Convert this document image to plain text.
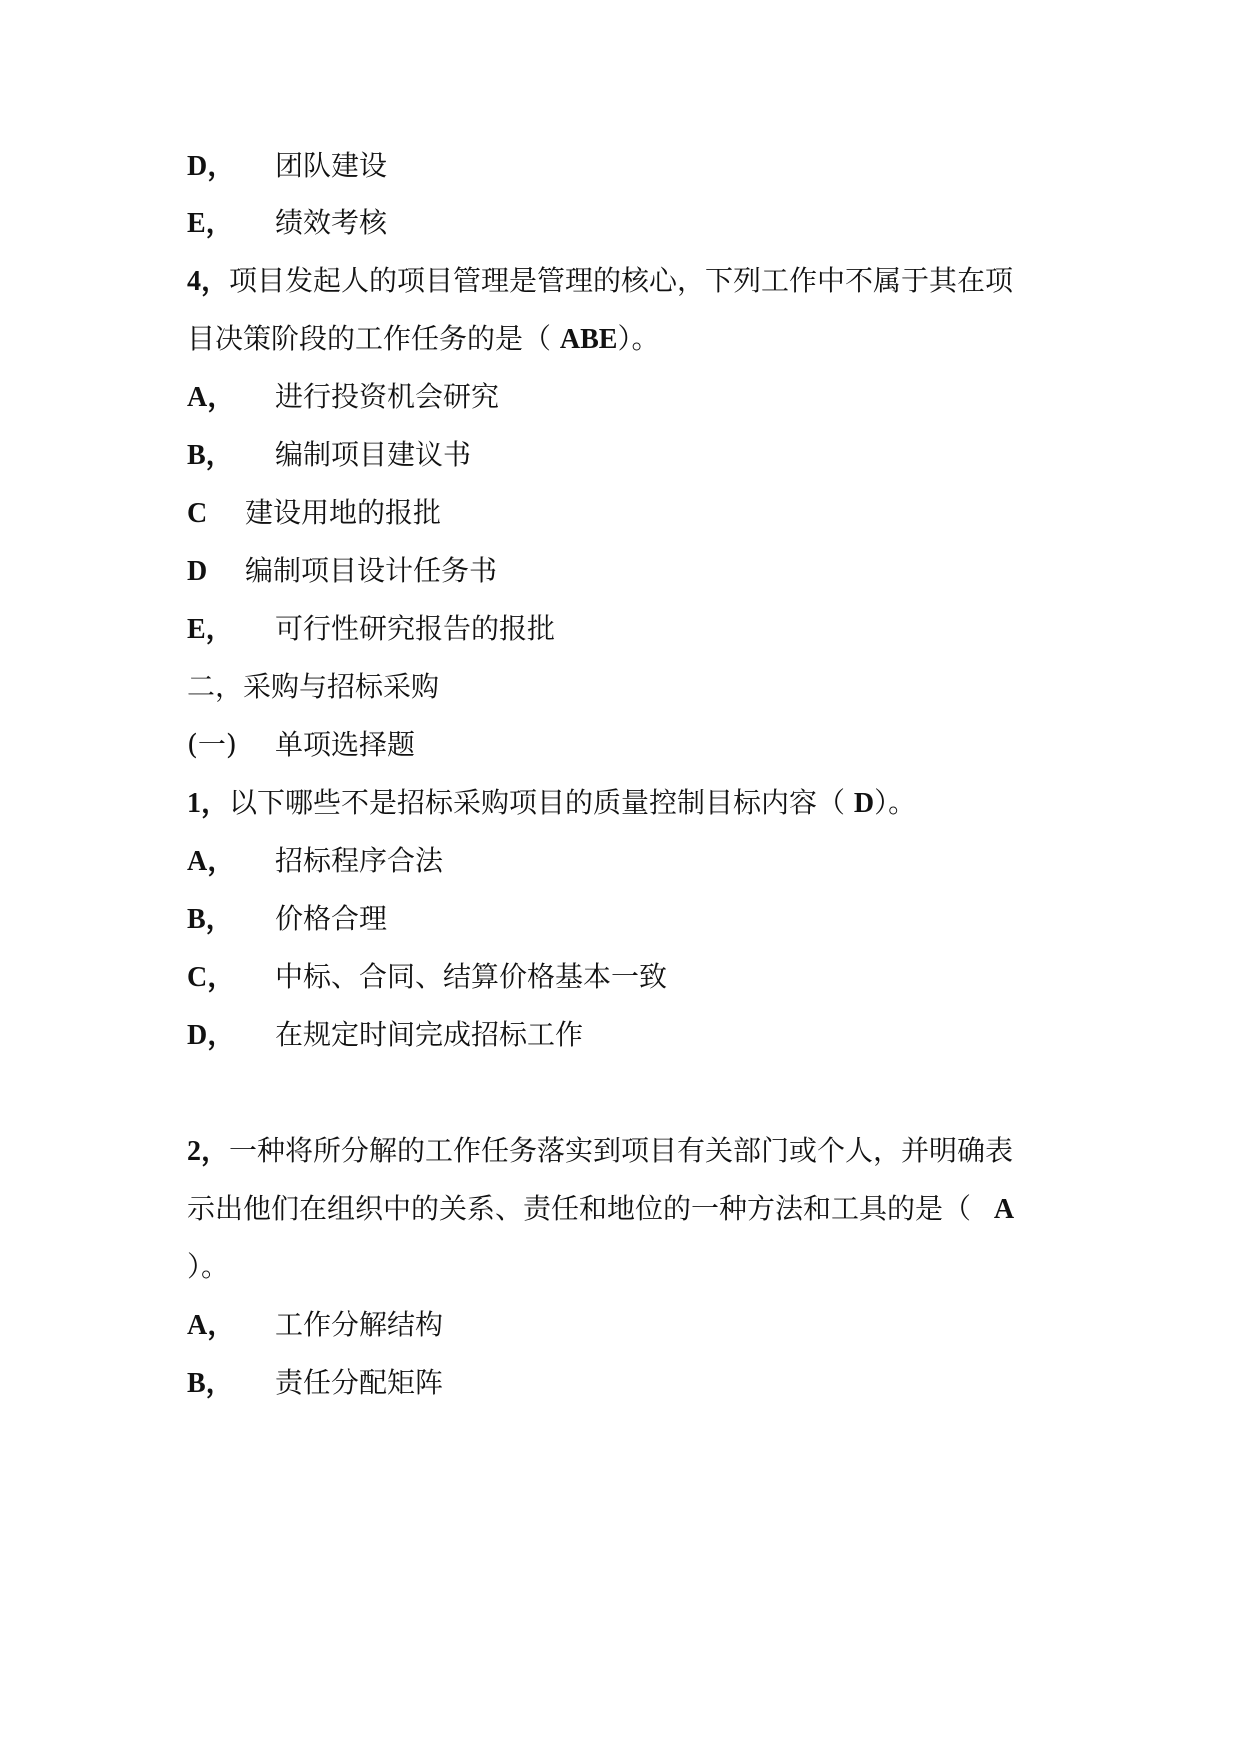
D， 团队建设
E， 绩效考核
4，项目发起人的项目管理是管理的核心，下列工作中不属于其在项
目决策阶段的工作任务的是（ ABE）。
A， 进行投资机会研究
B， 编制项目建议书
C 建设用地的报批
D 编制项目设计任务书
E， 可行性研究报告的报批
二，采购与招标采购
(一) 单项选择题
1，以下哪些不是招标采购项目的质量控制目标内容（ D）。
A， 招标程序合法
B， 价格合理
C， 中标、合同、结算价格基本一致
D， 在规定时间完成招标工作
2，一种将所分解的工作任务落实到项目有关部门或个人，并明确表
示出他们在组织中的关系、责任和地位的一种方法和工具的是（ A
）。
A， 工作分解结构
B， 责任分配矩阵
